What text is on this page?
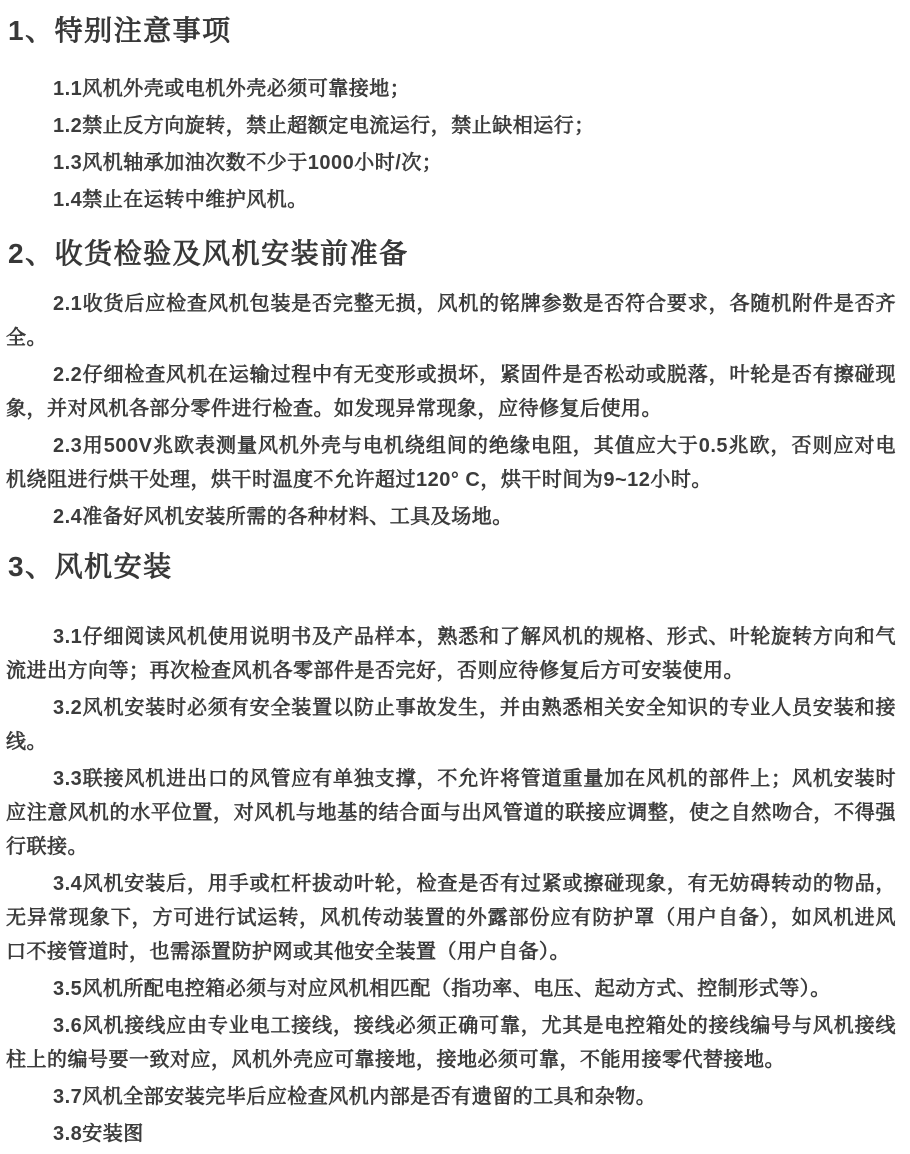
1、特别注意事项

1.1风机外壳或电机外壳必须可靠接地；

1.2禁止反方向旋转，禁止超额定电流运行，禁止缺相运行；

1.3风机轴承加油次数不少于1000小时/次；

1.4禁止在运转中维护风机。

2、收货检验及风机安装前准备

2.1收货后应检查风机包装是否完整无损，风机的铭牌参数是否符合要求，各随机附件是否齐全。

2.2仔细检查风机在运输过程中有无变形或损坏，紧固件是否松动或脱落，叶轮是否有擦碰现象，并对风机各部分零件进行检查。如发现异常现象，应待修复后使用。

2.3用500V兆欧表测量风机外壳与电机绕组间的绝缘电阻，其值应大于0.5兆欧，否则应对电机绕阻进行烘干处理，烘干时温度不允许超过120° C，烘干时间为9~12小时。

2.4准备好风机安装所需的各种材料、工具及场地。

3、风机安装

3.1仔细阅读风机使用说明书及产品样本，熟悉和了解风机的规格、形式、叶轮旋转方向和气流进出方向等；再次检查风机各零部件是否完好，否则应待修复后方可安装使用。

3.2风机安装时必须有安全装置以防止事故发生，并由熟悉相关安全知识的专业人员安装和接线。

3.3联接风机进出口的风管应有单独支撑，不允许将管道重量加在风机的部件上；风机安装时应注意风机的水平位置，对风机与地基的结合面与出风管道的联接应调整，使之自然吻合，不得强行联接。

3.4风机安装后，用手或杠杆拔动叶轮，检查是否有过紧或擦碰现象，有无妨碍转动的物品，无异常现象下，方可进行试运转，风机传动装置的外露部份应有防护罩（用户自备），如风机进风口不接管道时，也需添置防护网或其他安全装置（用户自备）。

3.5风机所配电控箱必须与对应风机相匹配（指功率、电压、起动方式、控制形式等）。

3.6风机接线应由专业电工接线，接线必须正确可靠，尤其是电控箱处的接线编号与风机接线柱上的编号要一致对应，风机外壳应可靠接地，接地必须可靠，不能用接零代替接地。

3.7风机全部安装完毕后应检查风机内部是否有遗留的工具和杂物。

3.8安装图
